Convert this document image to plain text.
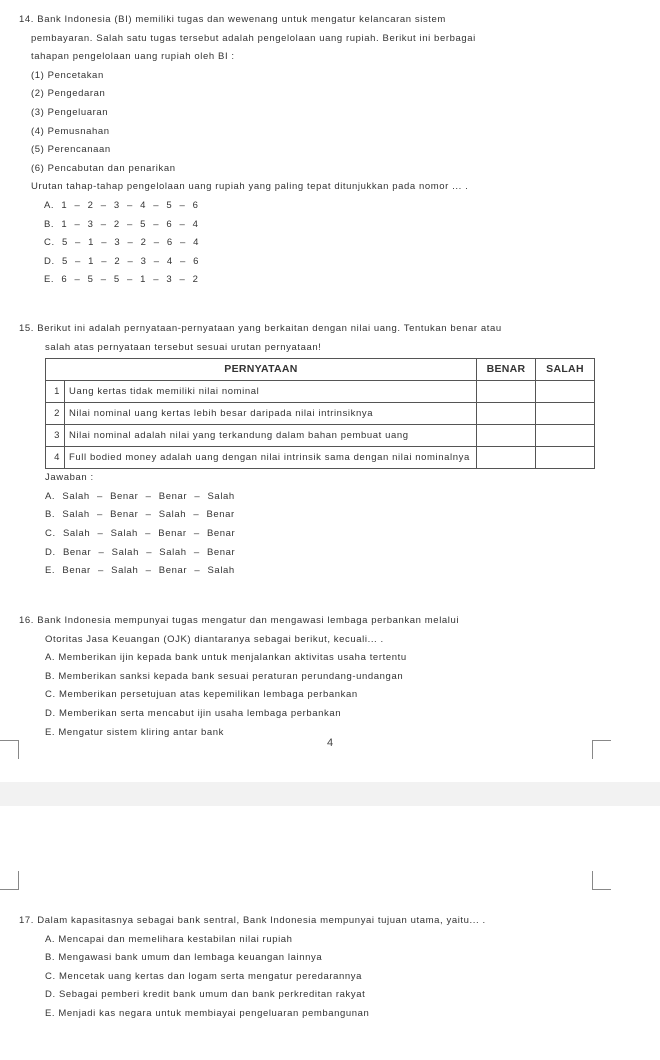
14. Bank Indonesia (BI) memiliki tugas dan wewenang untuk mengatur kelancaran sistem

pembayaran. Salah satu tugas tersebut adalah pengelolaan uang rupiah. Berikut ini berbagai

tahapan pengelolaan uang rupiah oleh BI :

(1) Pencetakan

(2) Pengedaran

(3) Pengeluaran

(4) Pemusnahan

(5) Perencanaan

(6) Pencabutan dan penarikan

Urutan tahap-tahap pengelolaan uang rupiah yang paling tepat ditunjukkan pada nomor ... .

A. 1 – 2 – 3 – 4 – 5 – 6

B. 1 – 3 – 2 – 5 – 6 – 4

C. 5 – 1 – 3 – 2 – 6 – 4

D. 5 – 1 – 2 – 3 – 4 – 6

E. 6 – 5 – 5 – 1 – 3 – 2

15. Berikut ini adalah pernyataan-pernyataan yang berkaitan dengan nilai uang. Tentukan benar atau

salah atas pernyataan tersebut sesuai urutan pernyataan!

PERNYATAAN		BENAR	SALAH
1	Uang kertas tidak memiliki nilai nominal		
2	Nilai nominal uang kertas lebih besar daripada nilai intrinsiknya		
3	Nilai nominal adalah nilai yang terkandung dalam bahan pembuat uang		
4	Full bodied money adalah uang dengan nilai intrinsik sama dengan nilai nominalnya		

Jawaban :

A. Salah – Benar – Benar – Salah

B. Salah – Benar – Salah – Benar

C. Salah – Salah – Benar – Benar

D. Benar – Salah – Salah – Benar

E. Benar – Salah – Benar – Salah

16. Bank Indonesia mempunyai tugas mengatur dan mengawasi lembaga perbankan melalui

Otoritas Jasa Keuangan (OJK) diantaranya sebagai berikut, kecuali... .

A. Memberikan ijin kepada bank untuk menjalankan aktivitas usaha tertentu

B. Memberikan sanksi kepada bank sesuai peraturan perundang-undangan

C. Memberikan persetujuan atas kepemilikan lembaga perbankan

D. Memberikan serta mencabut ijin usaha lembaga perbankan

E. Mengatur sistem kliring antar bank

4

17. Dalam kapasitasnya sebagai bank sentral, Bank Indonesia mempunyai tujuan utama, yaitu... .

A. Mencapai dan memelihara kestabilan nilai rupiah

B. Mengawasi bank umum dan lembaga keuangan lainnya

C. Mencetak uang kertas dan logam serta mengatur peredarannya

D. Sebagai pemberi kredit bank umum dan bank perkreditan rakyat

E. Menjadi kas negara untuk membiayai pengeluaran pembangunan
